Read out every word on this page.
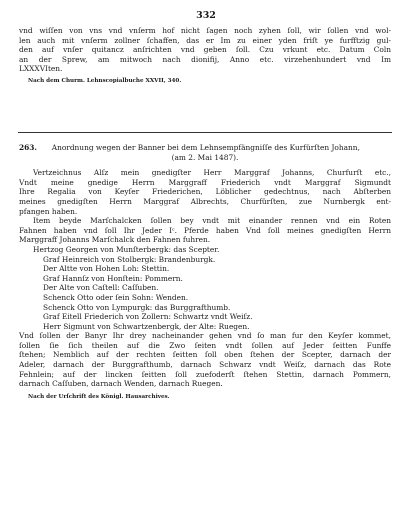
332
vnd wiſſen von vns vnd vnſerm hof nicht ſagen noch zyhen ſoll, wir ſollen vnd wol-
len auch mit vnſerm zollner ſchaffen, das er Im zu einer yden friſt ye furfftzig gul-
den auf vnſer quitancz anſrichten vnd geben ſoll. Czu vrkunt etc. Datum Coln
an der Sprew, am mitwoch nach dionifij, Anno etc. virzehenhundert vnd Im
LXXXVIten.
Nach dem Churm. Lehnscopialbuche XXVII, 340.
263. Anordnung wegen der Banner bei dem Lehnsempfängniſſe des Kurfürſten Johann,
(am 2. Mai 1487).
Vertzeichnus Alſz mein gnedigſter Herr Marggraf Johanns, Churfurſt etc.,
Vndt meine gnedige Herrn Marggraff Friederich vndt Marggraf Sigmundt
Ihre Regalia von Keyſer Friederichen, Löblicher gedechtnus, nach Abſterben
meines gnedigſten Herrn Marggraf Albrechts, Churfürſten, zue Nurnbergk ent-
pfangen haben.
Item beyde Marſchalcken ſollen bey vndt mit einander rennen vnd ein Roten
Fahnen haben vnd ſoll Ihr Jeder Iᶜ. Pferde haben Vnd ſoll meines gnedigſten Herrn
Marggraff Johanns Marſchalck den Fahnen fuhren.
Hertzog Georgen von Munſterbergk: das Scepter.
Graf Heinreich von Stolbergk: Brandenburgk.
Der Altte von Hohen Loh: Stettin.
Graf Hannſz von Honſtein: Pommern.
Der Alte von Caſtell: Caſſuben.
Schenck Otto oder ſein Sohn: Wenden.
Schenck Otto von Lympurgk: das Burggrafthumb.
Graf Eitell Friederich von Zollern: Schwartz vndt Weiſz.
Herr Sigmunt von Schwartzenbergk, der Alte: Ruegen.
Vnd ſollen der Banyr Ihr drey nacheinander gehen vnd ſo man fur den Keyſer kommet,
ſollen ſie ſich theilen auf die Zwo ſeiten vndt ſollen auf Jeder ſeitten Funffe
ſtehen; Nemblich auf der rechten ſeitten ſoll oben ſtehen der Scepter, darnach der
Adeler, darnach der Burggrafthumb, darnach Schwarz vndt Weiſz, darnach das Rote
Fehnlein; auf der lincken ſeitten ſoll zuefoderſt ſtehen Stettin, darnach Pommern,
darnach Caſſuben, darnach Wenden, darnach Ruegen.
Nach der Urſchrift des Königl. Hausarchives.
